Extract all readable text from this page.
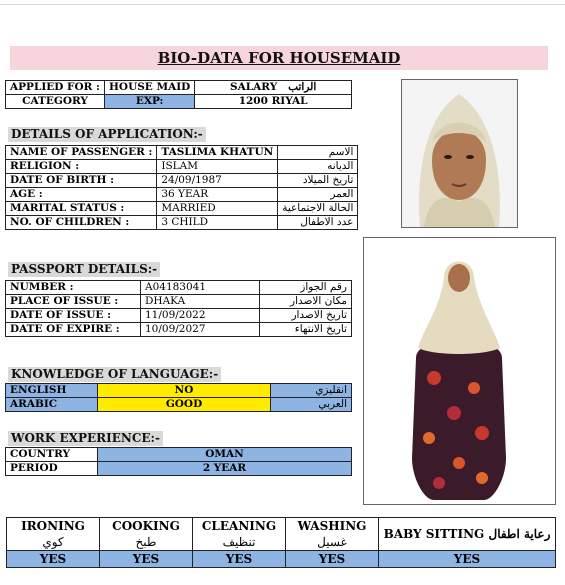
BIO-DATA FOR HOUSEMAID
APPLIED FOR :	HOUSE MAID	SALARY الراتب
CATEGORY	EXP:	1200 RIYAL
DETAILS OF APPLICATION:-
NAME OF PASSENGER :	TASLIMA KHATUN	الاسم
RELIGION :	ISLAM	الديانه
DATE OF BIRTH :	24/09/1987	تاريخ الميلاد
AGE :	36 YEAR	العمر
MARITAL STATUS :	MARRIED	الحالة الاجتماعية
NO. OF CHILDREN :	3 CHILD	عدد الاطفال
PASSPORT DETAILS:-
NUMBER :	A04183041	رقم الجواز
PLACE OF ISSUE :	DHAKA	مكان الاصدار
DATE OF ISSUE :	11/09/2022	تاريخ الاصدار
DATE OF EXPIRE :	10/09/2027	تاريخ الانتهاء
KNOWLEDGE OF LANGUAGE:-
ENGLISH	NO	انقليزي
ARABIC	GOOD	العربي
WORK EXPERIENCE:-
COUNTRY	OMAN
PERIOD	2 YEAR
IRONING	COOKING	CLEANING	WASHING	BABY SITTING رعاية اطفال
كوي	طبخ	تنظيف	غسيل	
YES	YES	YES	YES	YES
